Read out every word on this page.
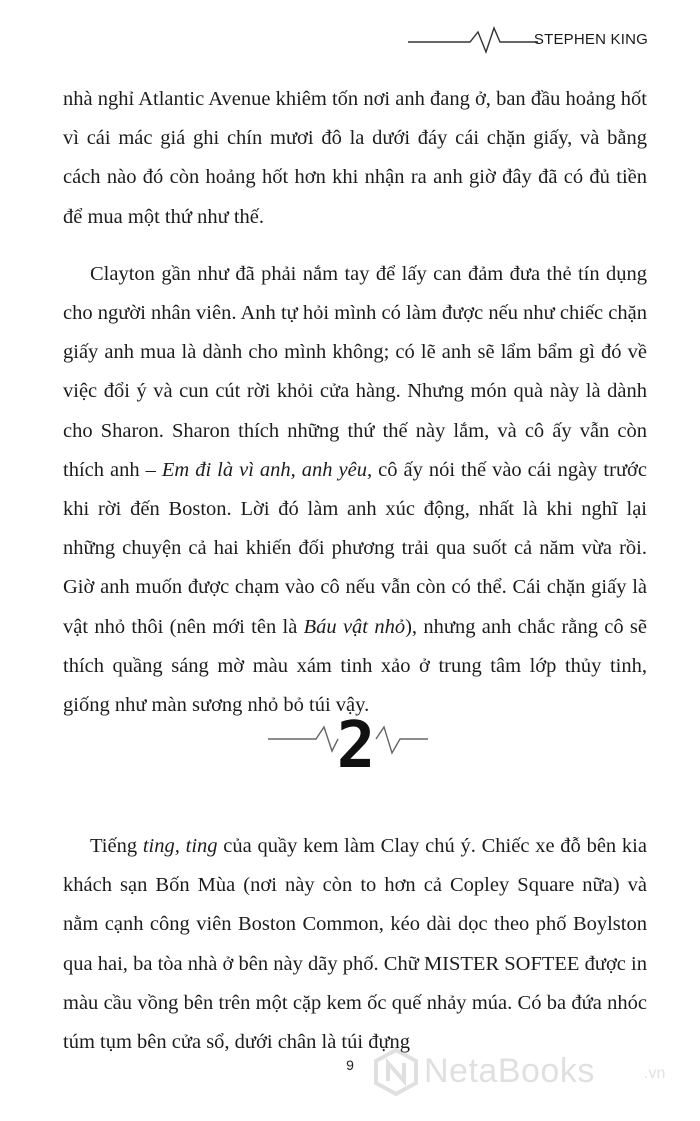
STEPHEN KING

nhà nghỉ Atlantic Avenue khiêm tốn nơi anh đang ở, ban đầu hoảng hốt vì cái mác giá ghi chín mươi đô la dưới đáy cái chặn giấy, và bằng cách nào đó còn hoảng hốt hơn khi nhận ra anh giờ đây đã có đủ tiền để mua một thứ như thế.

Clayton gần như đã phải nắm tay để lấy can đảm đưa thẻ tín dụng cho người nhân viên. Anh tự hỏi mình có làm được nếu như chiếc chặn giấy anh mua là dành cho mình không; có lẽ anh sẽ lẩm bẩm gì đó về việc đổi ý và cun cút rời khỏi cửa hàng. Nhưng món quà này là dành cho Sharon. Sharon thích những thứ thế này lắm, và cô ấy vẫn còn thích anh – Em đi là vì anh, anh yêu, cô ấy nói thế vào cái ngày trước khi rời đến Boston. Lời đó làm anh xúc động, nhất là khi nghĩ lại những chuyện cả hai khiến đối phương trải qua suốt cả năm vừa rồi. Giờ anh muốn được chạm vào cô nếu vẫn còn có thể. Cái chặn giấy là vật nhỏ thôi (nên mới tên là Báu vật nhỏ), nhưng anh chắc rằng cô sẽ thích quầng sáng mờ màu xám tinh xảo ở trung tâm lớp thủy tinh, giống như màn sương nhỏ bỏ túi vậy.

2

Tiếng ting, ting của quầy kem làm Clay chú ý. Chiếc xe đỗ bên kia khách sạn Bốn Mùa (nơi này còn to hơn cả Copley Square nữa) và nằm cạnh công viên Boston Common, kéo dài dọc theo phố Boylston qua hai, ba tòa nhà ở bên này dãy phố. Chữ MISTER SOFTEE được in màu cầu vồng bên trên một cặp kem ốc quế nhảy múa. Có ba đứa nhóc túm tụm bên cửa sổ, dưới chân là túi đựng

9	NetaBooks	.vn
